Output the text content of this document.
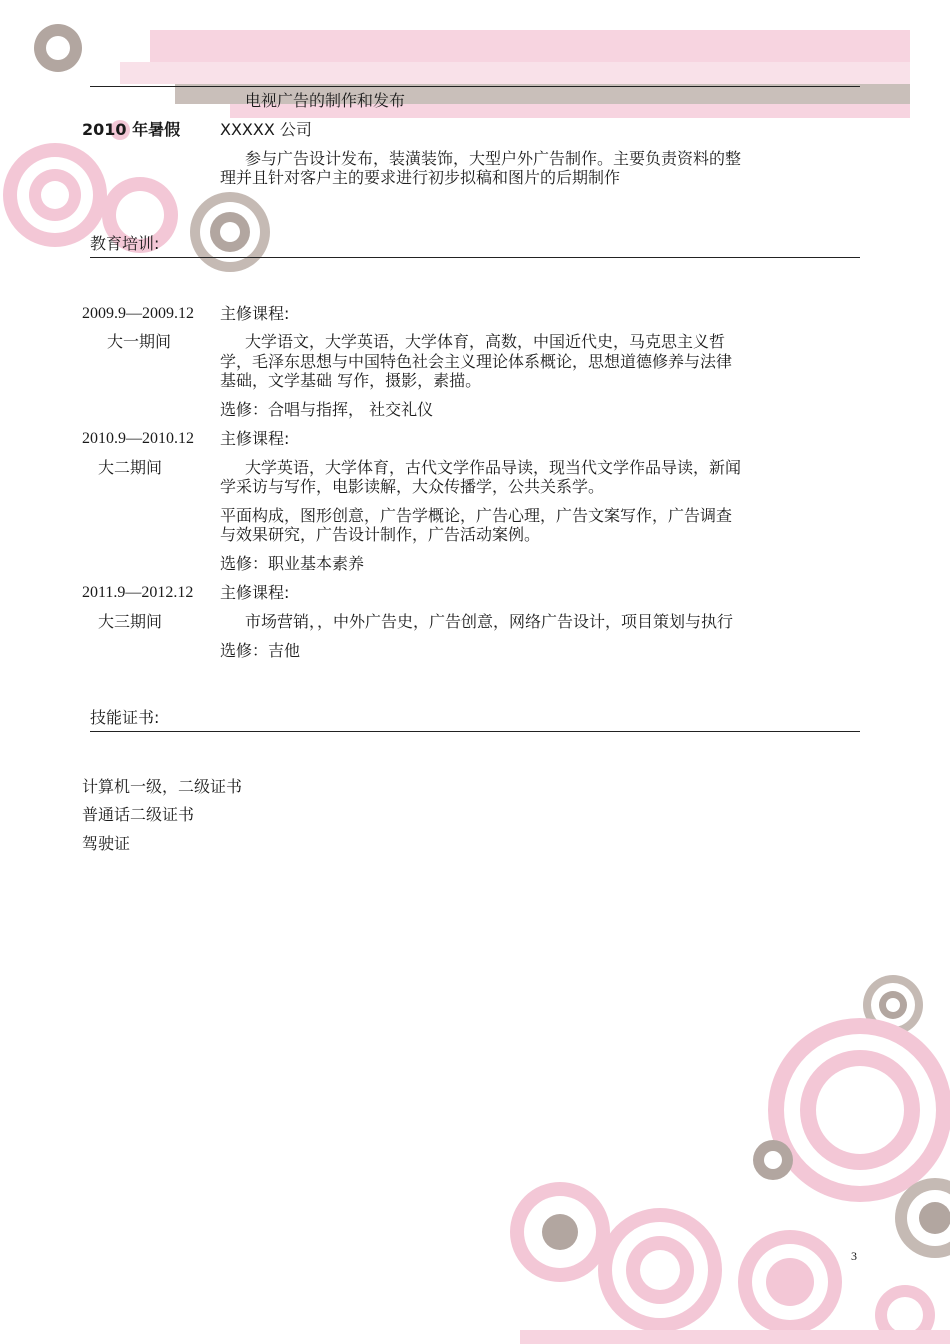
电视广告的制作和发布
2010 年暑假 XXXXX 公司
参与广告设计发布，装潢装饰，大型户外广告制作。主要负责资料的整
理并且针对客户主的要求进行初步拟稿和图片的后期制作
教育培训:
2009.9—2009.12 主修课程:
大一期间	大学语文，大学英语，大学体育，高数，中国近代史，马克思主义哲
学，毛泽东思想与中国特色社会主义理论体系概论，思想道德修养与法律
基础，文学基础 写作，摄影，素描。
选修：合唱与指挥， 社交礼仪
2010.9—2010.12 主修课程:
大二期间	大学英语，大学体育，古代文学作品导读，现当代文学作品导读，新闻
学采访与写作，电影读解，大众传播学，公共关系学。
平面构成，图形创意，广告学概论，广告心理，广告文案写作，广告调查
与效果研究，广告设计制作，广告活动案例。
选修：职业基本素养
2011.9—2012.12 主修课程:
大三期间	市场营销，，中外广告史，广告创意，网络广告设计，项目策划与执行
选修：吉他
技能证书:
计算机一级，二级证书
普通话二级证书
驾驶证
3
